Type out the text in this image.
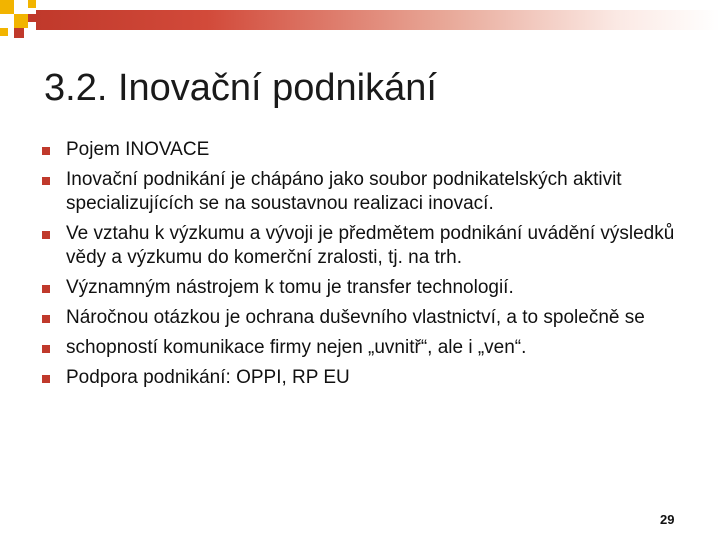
3.2. Inovační podnikání
Pojem INOVACE
Inovační podnikání je chápáno jako soubor podnikatelských aktivit specializujících se na soustavnou realizaci inovací.
Ve vztahu k výzkumu a vývoji je předmětem podnikání uvádění výsledků vědy a výzkumu do komerční zralosti, tj. na trh.
Významným nástrojem k tomu je transfer technologií.
Náročnou otázkou je ochrana duševního vlastnictví, a to společně se
schopností komunikace firmy nejen „uvnitř“, ale i „ven“.
Podpora podnikání: OPPI, RP EU
29
